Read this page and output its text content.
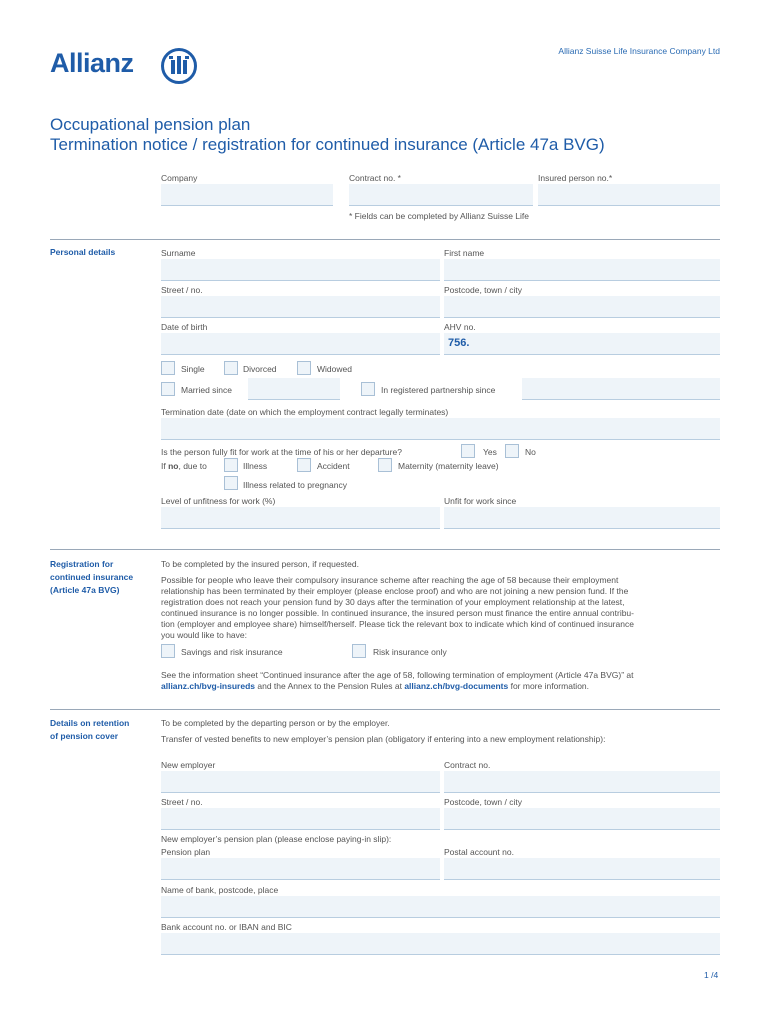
Allianz	Allianz Suisse Life Insurance Company Ltd
Occupational pension plan
Termination notice / registration for continued insurance (Article 47a BVG)
Company	Contract no. *	Insured person no.*
* Fields can be completed by Allianz Suisse Life
Personal details	Surname	First name
Street / no.	Postcode, town / city
Date of birth	AHV no.
756.
Single	Divorced	Widowed
Married since	In registered partnership since
Termination date (date on which the employment contract legally terminates)
Is the person fully fit for work at the time of his or her departure?	Yes	No
If no, due to	Illness	Accident	Maternity (maternity leave)
Illness related to pregnancy
Level of unfitness for work (%)	Unfit for work since
Registration for
continued insurance
(Article 47a BVG)
To be completed by the insured person, if requested.
Possible for people who leave their compulsory insurance scheme after reaching the age of 58 because their employment
relationship has been terminated by their employer (please enclose proof) and who are not joining a new pension fund. If the
registration does not reach your pension fund by 30 days after the termination of your employment relationship at the latest,
continued insurance is no longer possible. In continued insurance, the insured person must finance the entire annual contribu-
tion (employer and employee share) himself/herself. Please tick the relevant box to indicate which kind of continued insurance
you would like to have:
Savings and risk insurance	Risk insurance only
See the information sheet “Continued insurance after the age of 58, following termination of employment (Article 47a BVG)” at
allianz.ch/bvg-insureds and the Annex to the Pension Rules at allianz.ch/bvg-documents for more information.
Details on retention
of pension cover
To be completed by the departing person or by the employer.
Transfer of vested benefits to new employer’s pension plan (obligatory if entering into a new employment relationship):
New employer	Contract no.
Street / no.	Postcode, town / city
New employer’s pension plan (please enclose paying-in slip):
Pension plan	Postal account no.
Name of bank, postcode, place
Bank account no. or IBAN and BIC
1 /4
